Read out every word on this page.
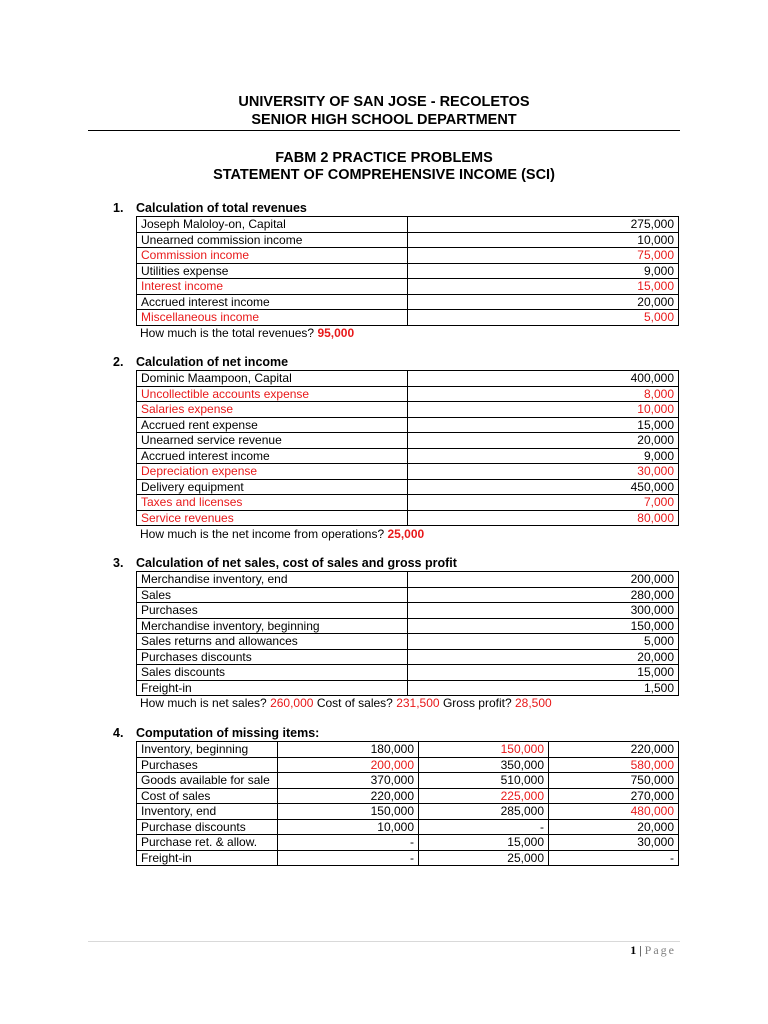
UNIVERSITY OF SAN JOSE - RECOLETOS
SENIOR HIGH SCHOOL DEPARTMENT
FABM 2 PRACTICE PROBLEMS
STATEMENT OF COMPREHENSIVE INCOME (SCI)
1. Calculation of total revenues
Joseph Maloloy-on, Capital	275,000
Unearned commission income	10,000
Commission income	75,000
Utilities expense	9,000
Interest income	15,000
Accrued interest income	20,000
Miscellaneous income	5,000
How much is the total revenues? 95,000
2. Calculation of net income
Dominic Maampoon, Capital	400,000
Uncollectible accounts expense	8,000
Salaries expense	10,000
Accrued rent expense	15,000
Unearned service revenue	20,000
Accrued interest income	9,000
Depreciation expense	30,000
Delivery equipment	450,000
Taxes and licenses	7,000
Service revenues	80,000
How much is the net income from operations? 25,000
3. Calculation of net sales, cost of sales and gross profit
Merchandise inventory, end	200,000
Sales	280,000
Purchases	300,000
Merchandise inventory, beginning	150,000
Sales returns and allowances	5,000
Purchases discounts	20,000
Sales discounts	15,000
Freight-in	1,500
How much is net sales? 260,000 Cost of sales? 231,500 Gross profit? 28,500
4. Computation of missing items:
Inventory, beginning	180,000	150,000	220,000
Purchases	200,000	350,000	580,000
Goods available for sale	370,000	510,000	750,000
Cost of sales	220,000	225,000	270,000
Inventory, end	150,000	285,000	480,000
Purchase discounts	10,000	-	20,000
Purchase ret. & allow.	-	15,000	30,000
Freight-in	-	25,000	-
1 | Page
